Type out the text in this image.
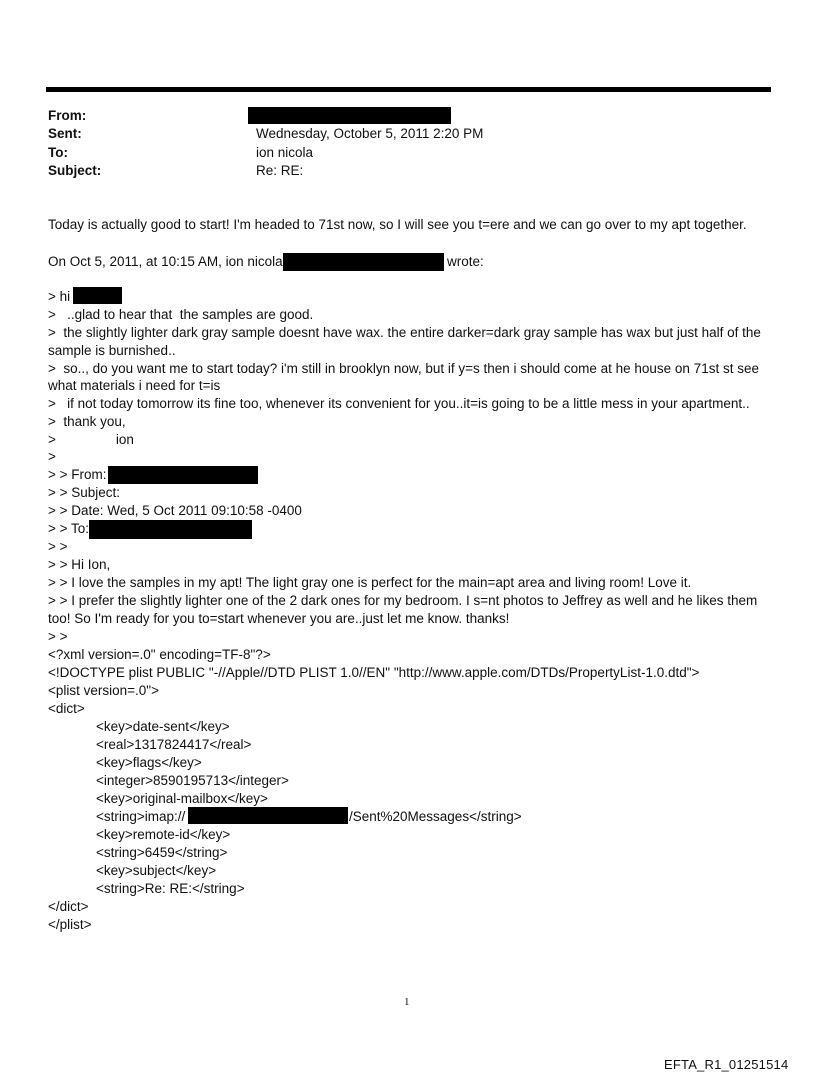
From:
Sent:	Wednesday, October 5, 2011 2:20 PM
To:	ion nicola
Subject:	Re: RE:
Today is actually good to start! I'm headed to 71st now, so I will see you t=ere and we can go over to my apt together.
On Oct 5, 2011, at 10:15 AM, ion nicola	wrote:
> hi
>   ..glad to hear that  the samples are good.
>  the slightly lighter dark gray sample doesnt have wax. the entire darker=dark gray sample has wax but just half of the
sample is burnished..
>  so.., do you want me to start today? i'm still in brooklyn now, but if y=s then i should come at he house on 71st st see
what materials i need for t=is
>   if not today tomorrow its fine too, whenever its convenient for you..it=is going to be a little mess in your apartment..
>  thank you,
>                ion
>
> > From:
> > Subject:
> > Date: Wed, 5 Oct 2011 09:10:58 -0400
> > To:
> >
> > Hi Ion,
> > I love the samples in my apt! The light gray one is perfect for the main=apt area and living room! Love it.
> > I prefer the slightly lighter one of the 2 dark ones for my bedroom. I s=nt photos to Jeffrey as well and he likes them
too! So I'm ready for you to=start whenever you are..just let me know. thanks!
> >
<?xml version=.0" encoding=TF-8"?>
<!DOCTYPE plist PUBLIC "-//Apple//DTD PLIST 1.0//EN" "http://www.apple.com/DTDs/PropertyList-1.0.dtd">
<plist version=.0">
<dict>
<key>date-sent</key>
<real>1317824417</real>
<key>flags</key>
<integer>8590195713</integer>
<key>original-mailbox</key>
<string>imap://	/Sent%20Messages</string>
<key>remote-id</key>
<string>6459</string>
<key>subject</key>
<string>Re: RE:</string>
</dict>
</plist>
1
EFTA_R1_01251514
